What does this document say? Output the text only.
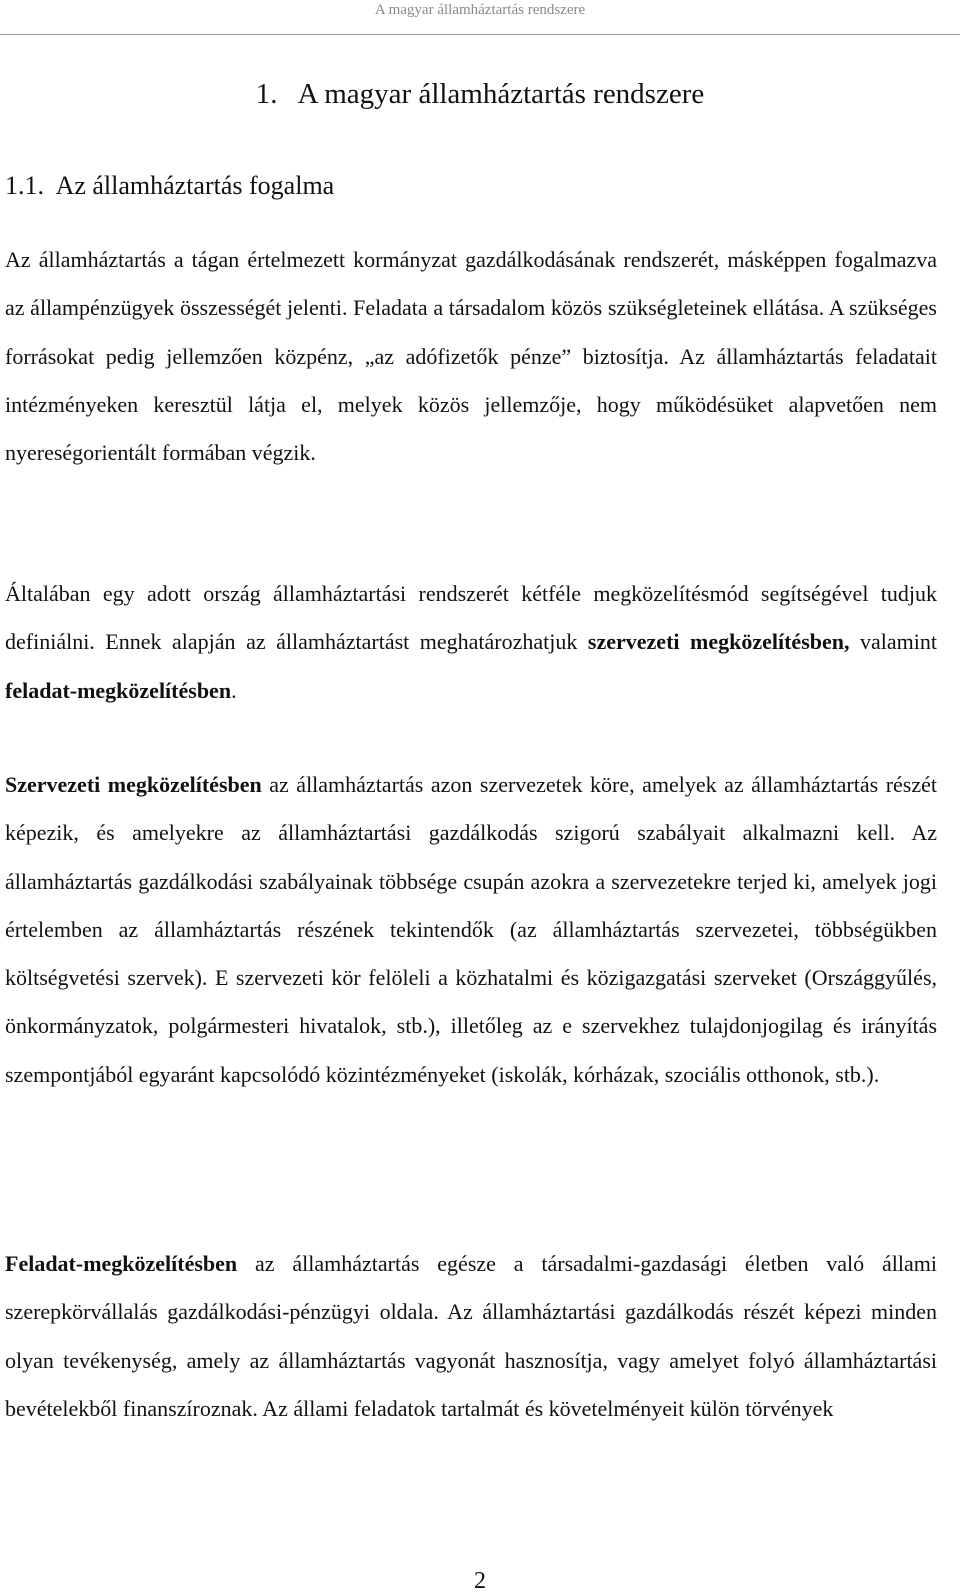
A magyar államháztartás rendszere
1.   A magyar államháztartás rendszere
1.1.  Az államháztartás fogalma

Az államháztartás a tágan értelmezett kormányzat gazdálkodásának rendszerét, másképpen fogalmazva az állampénzügyek összességét jelenti. Feladata a társadalom közös szükségleteinek ellátása. A szükséges forrásokat pedig jellemzően közpénz, „az adófizetők pénze” biztosítja. Az államháztartás feladatait intézményeken keresztül látja el, melyek közös jellemzője, hogy működésüket alapvetően nem nyereségorientált formában végzik.

Általában egy adott ország államháztartási rendszerét kétféle megközelítésmód segítségével tudjuk definiálni. Ennek alapján az államháztartást meghatározhatjuk szervezeti megközelítésben, valamint feladat-megközelítésben.

Szervezeti megközelítésben az államháztartás azon szervezetek köre, amelyek az államháztartás részét képezik, és amelyekre az államháztartási gazdálkodás szigorú szabályait alkalmazni kell. Az államháztartás gazdálkodási szabályainak többsége csupán azokra a szervezetekre terjed ki, amelyek jogi értelemben az államháztartás részének tekintendők (az államháztartás szervezetei, többségükben költségvetési szervek). E szervezeti kör felöleli a közhatalmi és közigazgatási szerveket (Országgyűlés, önkormányzatok, polgármesteri hivatalok, stb.), illetőleg az e szervekhez tulajdonjogilag és irányítás szempontjából egyaránt kapcsolódó közintézményeket (iskolák, kórházak, szociális otthonok, stb.).

Feladat-megközelítésben az államháztartás egésze a társadalmi-gazdasági életben való állami szerepkörvállalás gazdálkodási-pénzügyi oldala. Az államháztartási gazdálkodás részét képezi minden olyan tevékenység, amely az államháztartás vagyonát hasznosítja, vagy amelyet folyó államháztartási bevételekből finanszíroznak. Az állami feladatok tartalmát és követelményeit külön törvények

2
